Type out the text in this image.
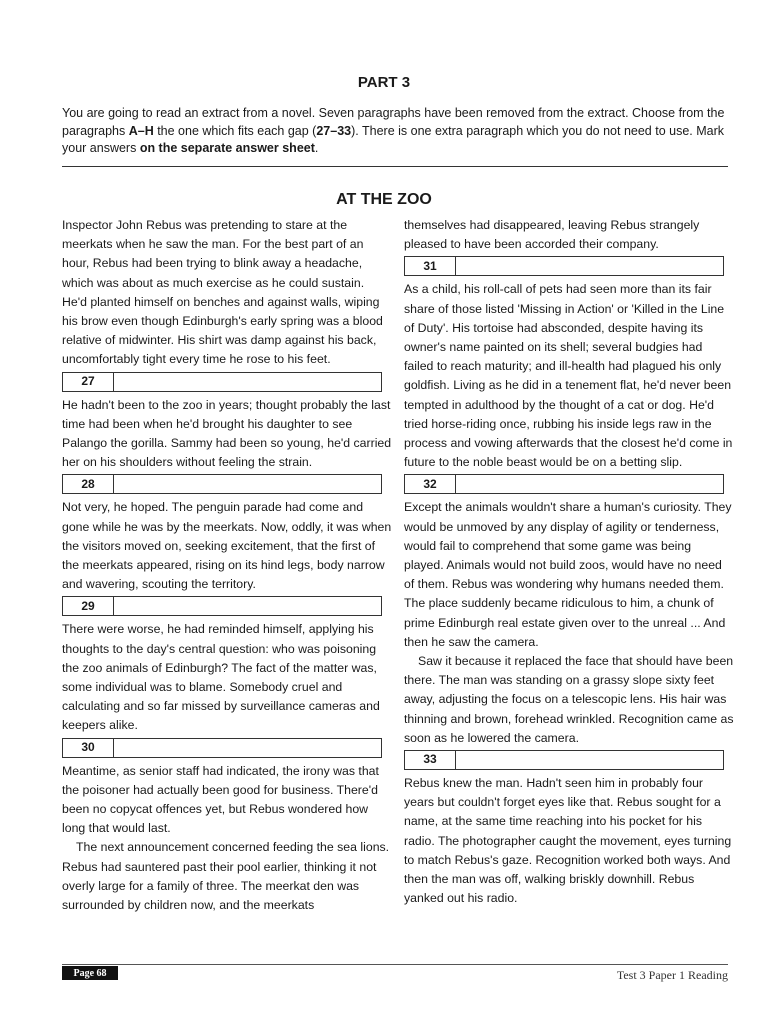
PART 3
You are going to read an extract from a novel. Seven paragraphs have been removed from the extract. Choose from the paragraphs A–H the one which fits each gap (27–33). There is one extra paragraph which you do not need to use. Mark your answers on the separate answer sheet.
AT THE ZOO

Inspector John Rebus was pretending to stare at the meerkats when he saw the man. For the best part of an hour, Rebus had been trying to blink away a headache, which was about as much exercise as he could sustain. He'd planted himself on benches and against walls, wiping his brow even though Edinburgh's early spring was a blood relative of midwinter. His shirt was damp against his back, uncomfortably tight every time he rose to his feet.

27

He hadn't been to the zoo in years; thought probably the last time had been when he'd brought his daughter to see Palango the gorilla. Sammy had been so young, he'd carried her on his shoulders without feeling the strain.

28

Not very, he hoped. The penguin parade had come and gone while he was by the meerkats. Now, oddly, it was when the visitors moved on, seeking excitement, that the first of the meerkats appeared, rising on its hind legs, body narrow and wavering, scouting the territory.

29

There were worse, he had reminded himself, applying his thoughts to the day's central question: who was poisoning the zoo animals of Edinburgh? The fact of the matter was, some individual was to blame. Somebody cruel and calculating and so far missed by surveillance cameras and keepers alike.

30

Meantime, as senior staff had indicated, the irony was that the poisoner had actually been good for business. There'd been no copycat offences yet, but Rebus wondered how long that would last.

The next announcement concerned feeding the sea lions. Rebus had sauntered past their pool earlier, thinking it not overly large for a family of three. The meerkat den was surrounded by children now, and the meerkats

themselves had disappeared, leaving Rebus strangely pleased to have been accorded their company.

31

As a child, his roll-call of pets had seen more than its fair share of those listed 'Missing in Action' or 'Killed in the Line of Duty'. His tortoise had absconded, despite having its owner's name painted on its shell; several budgies had failed to reach maturity; and ill-health had plagued his only goldfish. Living as he did in a tenement flat, he'd never been tempted in adulthood by the thought of a cat or dog. He'd tried horse-riding once, rubbing his inside legs raw in the process and vowing afterwards that the closest he'd come in future to the noble beast would be on a betting slip.

32

Except the animals wouldn't share a human's curiosity. They would be unmoved by any display of agility or tenderness, would fail to comprehend that some game was being played. Animals would not build zoos, would have no need of them. Rebus was wondering why humans needed them. The place suddenly became ridiculous to him, a chunk of prime Edinburgh real estate given over to the unreal ... And then he saw the camera.

Saw it because it replaced the face that should have been there. The man was standing on a grassy slope sixty feet away, adjusting the focus on a telescopic lens. His hair was thinning and brown, forehead wrinkled. Recognition came as soon as he lowered the camera.

33

Rebus knew the man. Hadn't seen him in probably four years but couldn't forget eyes like that. Rebus sought for a name, at the same time reaching into his pocket for his radio. The photographer caught the movement, eyes turning to match Rebus's gaze. Recognition worked both ways. And then the man was off, walking briskly downhill. Rebus yanked out his radio.

Page 68	Test 3 Paper 1 Reading
